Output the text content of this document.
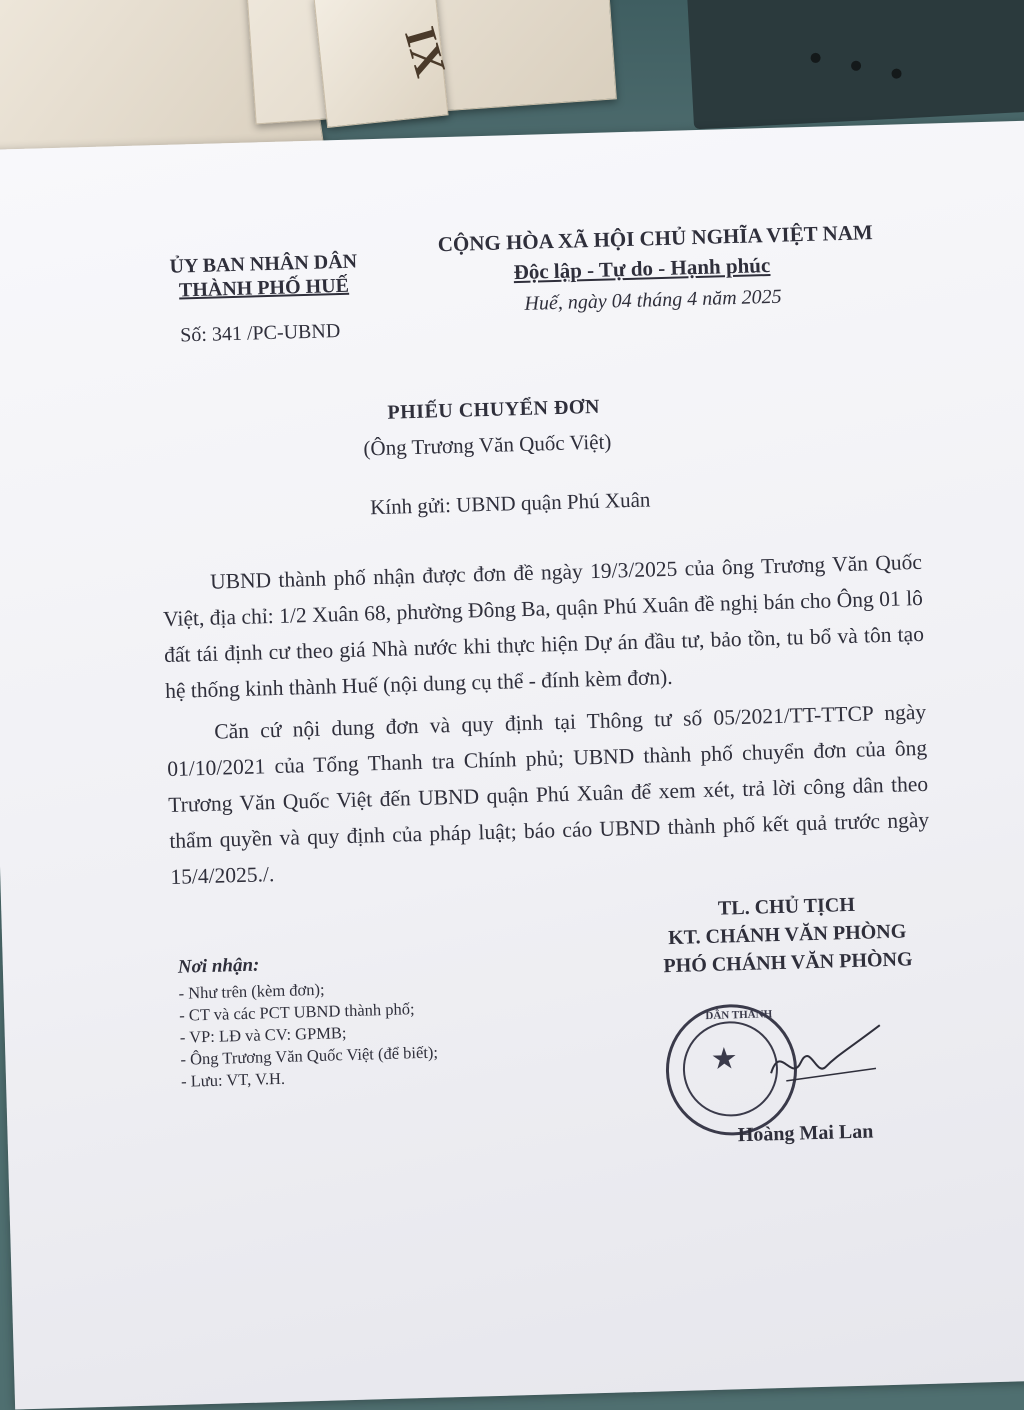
IX
ỦY BAN NHÂN DÂN
THÀNH PHỐ HUẾ
Số: 341 /PC-UBND
CỘNG HÒA XÃ HỘI CHỦ NGHĨA VIỆT NAM
Độc lập - Tự do - Hạnh phúc
Huế, ngày 04 tháng 4 năm 2025
PHIẾU CHUYỂN ĐƠN
(Ông Trương Văn Quốc Việt)
Kính gửi: UBND quận Phú Xuân

UBND thành phố nhận được đơn đề ngày 19/3/2025 của ông Trương Văn Quốc Việt, địa chỉ: 1/2 Xuân 68, phường Đông Ba, quận Phú Xuân đề nghị bán cho Ông 01 lô đất tái định cư theo giá Nhà nước khi thực hiện Dự án đầu tư, bảo tồn, tu bổ và tôn tạo hệ thống kinh thành Huế (nội dung cụ thể - đính kèm đơn).

Căn cứ nội dung đơn và quy định tại Thông tư số 05/2021/TT-TTCP ngày 01/10/2021 của Tổng Thanh tra Chính phủ; UBND thành phố chuyển đơn của ông Trương Văn Quốc Việt đến UBND quận Phú Xuân để xem xét, trả lời công dân theo thẩm quyền và quy định của pháp luật; báo cáo UBND thành phố kết quả trước ngày 15/4/2025./.

Nơi nhận:
- Như trên (kèm đơn);
- CT và các PCT UBND thành phố;
- VP: LĐ và CV: GPMB;
- Ông Trương Văn Quốc Việt (để biết);
- Lưu: VT, V.H.
TL. CHỦ TỊCH
KT. CHÁNH VĂN PHÒNG
PHÓ CHÁNH VĂN PHÒNG
DÂN THÀNH
★
Hoàng Mai Lan
